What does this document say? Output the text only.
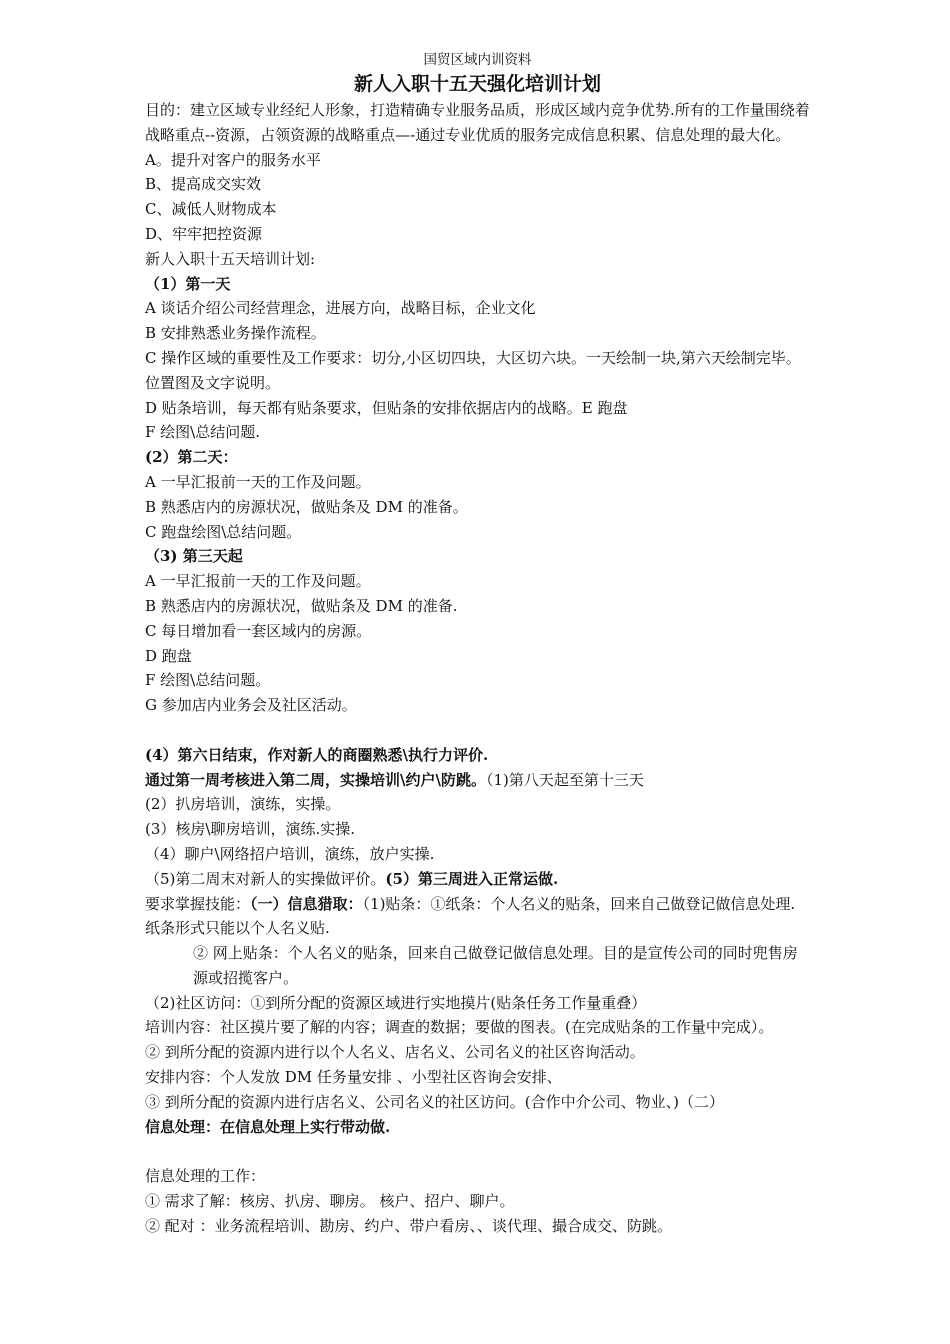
国贸区域内训资料
新人入职十五天强化培训计划

目的：建立区域专业经纪人形象，打造精确专业服务品质，形成区域内竞争优势.所有的工作量围绕着战略重点--资源，占领资源的战略重点—-通过专业优质的服务完成信息积累、信息处理的最大化。

A。提升对客户的服务水平

B、提高成交实效

C、减低人财物成本

D、牢牢把控资源

新人入职十五天培训计划:

（1）第一天

A 谈话介绍公司经营理念，进展方向，战略目标，企业文化

B 安排熟悉业务操作流程。

C 操作区域的重要性及工作要求：切分,小区切四块，大区切六块。一天绘制一块,第六天绘制完毕。位置图及文字说明。

D 贴条培训，每天都有贴条要求，但贴条的安排依据店内的战略。E 跑盘

F 绘图\总结问题.

(2）第二天：

A 一早汇报前一天的工作及问题。

B 熟悉店内的房源状况，做贴条及 DM 的准备。

C 跑盘绘图\总结问题。

（3) 第三天起

A 一早汇报前一天的工作及问题。

B 熟悉店内的房源状况，做贴条及 DM 的准备.

C 每日增加看一套区域内的房源。

D 跑盘

F 绘图\总结问题。

G 参加店内业务会及社区活动。

(4）第六日结束，作对新人的商圈熟悉\执行力评价.

通过第一周考核进入第二周，实操培训\约户\防跳。（1)第八天起至第十三天

(2）扒房培训，演练，实操。

(3）核房\聊房培训，演练.实操.

（4）聊户\网络招户培训，演练，放户实操.

（5)第二周末对新人的实操做评价。(5）第三周进入正常运做.

要求掌握技能：（一）信息猎取：（1)贴条：①纸条：个人名义的贴条，回来自己做登记做信息处理.纸条形式只能以个人名义贴.

② 网上贴条：个人名义的贴条，回来自己做登记做信息处理。目的是宣传公司的同时兜售房源或招揽客户。

（2)社区访问：①到所分配的资源区域进行实地摸片(贴条任务工作量重叠）

培训内容：社区摸片要了解的内容；调查的数据；要做的图表。(在完成贴条的工作量中完成）。

② 到所分配的资源内进行以个人名义、店名义、公司名义的社区咨询活动。

安排内容：个人发放 DM 任务量安排 、小型社区咨询会安排、

③ 到所分配的资源内进行店名义、公司名义的社区访问。(合作中介公司、物业、)（二）

信息处理：在信息处理上实行带动做.

信息处理的工作：

① 需求了解：核房、扒房、聊房。 核户、招户、聊户。

② 配对 ：业务流程培训、勘房、约户、带户看房、、谈代理、撮合成交、防跳。
